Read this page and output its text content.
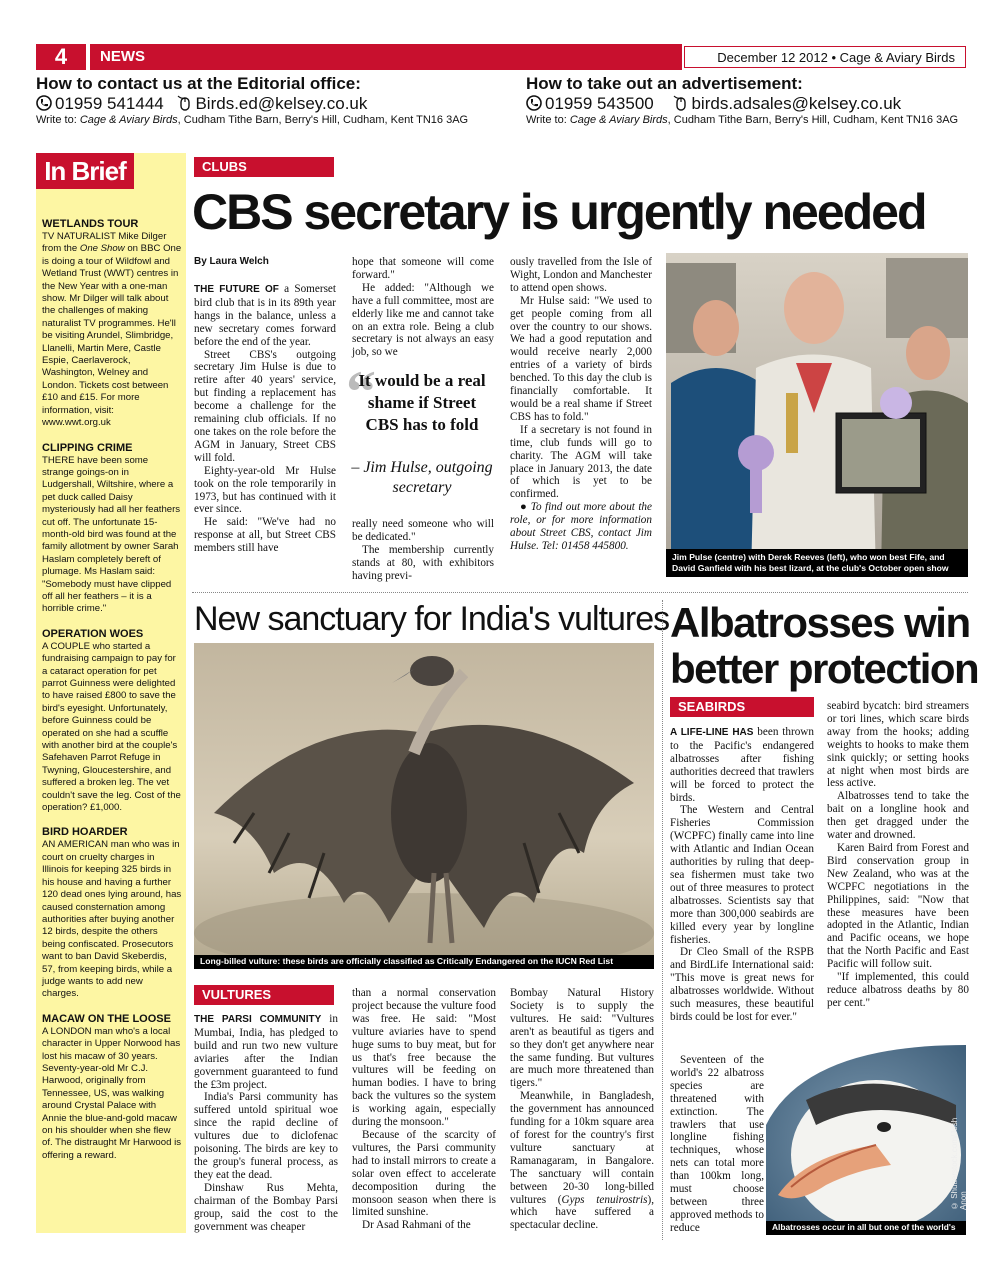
4	NEWS	December 12 2012 • Cage & Aviary Birds
How to contact us at the Editorial office:
01959 541444 Birds.ed@kelsey.co.uk
Write to: Cage & Aviary Birds, Cudham Tithe Barn, Berry's Hill, Cudham, Kent TN16 3AG
How to take out an advertisement:
01959 543500 birds.adsales@kelsey.co.uk
Write to: Cage & Aviary Birds, Cudham Tithe Barn, Berry's Hill, Cudham, Kent TN16 3AG
In Brief

WETLANDS TOUR

TV NATURALIST Mike Dilger from the One Show on BBC One is doing a tour of Wildfowl and Wetland Trust (WWT) centres in the New Year with a one-man show. Mr Dilger will talk about the challenges of making naturalist TV programmes. He'll be visiting Arundel, Slimbridge, Llanelli, Martin Mere, Castle Espie, Caerlaverock, Washington, Welney and London. Tickets cost between £10 and £15. For more information, visit: www.wwt.org.uk

CLIPPING CRIME

THERE have been some strange goings-on in Ludgershall, Wiltshire, where a pet duck called Daisy mysteriously had all her feathers cut off. The unfortunate 15-month-old bird was found at the family allotment by owner Sarah Haslam completely bereft of plumage. Ms Haslam said: "Somebody must have clipped off all her feathers – it is a horrible crime."

OPERATION WOES

A COUPLE who started a fundraising campaign to pay for a cataract operation for pet parrot Guinness were delighted to have raised £800 to save the bird's eyesight. Unfortunately, before Guinness could be operated on she had a scuffle with another bird at the couple's Safehaven Parrot Refuge in Twyning, Gloucestershire, and suffered a broken leg. The vet couldn't save the leg. Cost of the operation? £1,000.

BIRD HOARDER

AN AMERICAN man who was in court on cruelty charges in Illinois for keeping 325 birds in his house and having a further 120 dead ones lying around, has caused consternation among authorities after buying another 12 birds, despite the others being confiscated. Prosecutors want to ban David Skeberdis, 57, from keeping birds, while a judge wants to add new charges.

MACAW ON THE LOOSE

A LONDON man who's a local character in Upper Norwood has lost his macaw of 30 years. Seventy-year-old Mr C.J. Harwood, originally from Tennessee, US, was walking around Crystal Palace with Annie the blue-and-gold macaw on his shoulder when she flew of. The distraught Mr Harwood is offering a reward.

CLUBS
CBS secretary is urgently needed

By Laura Welch

THE FUTURE OF a Somerset bird club that is in its 89th year hangs in the balance, unless a new secretary comes forward before the end of the year.

Street CBS's outgoing secretary Jim Hulse is due to retire after 40 years' service, but finding a replacement has become a challenge for the remaining club officials. If no one takes on the role before the AGM in January, Street CBS will fold.

Eighty-year-old Mr Hulse took on the role temporarily in 1973, but has continued with it ever since.

He said: "We've had no response at all, but Street CBS members still have

hope that someone will come forward."

He added: "Although we have a full committee, most are elderly like me and cannot take on an extra role. Being a club secretary is not always an easy job, so we

“
It would be a real shame if Street CBS has to fold
– Jim Hulse, outgoing secretary

really need someone who will be dedicated."

The membership currently stands at 80, with exhibitors having previ-

ously travelled from the Isle of Wight, London and Manchester to attend open shows.

Mr Hulse said: "We used to get people coming from all over the country to our shows. We had a good reputation and would receive nearly 2,000 entries of a variety of birds benched. To this day the club is financially comfortable. It would be a real shame if Street CBS has to fold."

If a secretary is not found in time, club funds will go to charity. The AGM will take place in January 2013, the date of which is yet to be confirmed.

● To find out more about the role, or for more information about Street CBS, contact Jim Hulse. Tel: 01458 445800.

Jim Pulse (centre) with Derek Reeves (left), who won best Fife, and David Ganfield with his best lizard, at the club's October open show
New sanctuary for India's vultures
Long-billed vulture: these birds are officially classified as Critically Endangered on the IUCN Red List
VULTURES

THE PARSI COMMUNITY in Mumbai, India, has pledged to build and run two new vulture aviaries after the Indian government guaranteed to fund the £3m project.

India's Parsi community has suffered untold spiritual woe since the rapid decline of vultures due to diclofenac poisoning. The birds are key to the group's funeral process, as they eat the dead.

Dinshaw Rus Mehta, chairman of the Bombay Parsi group, said the cost to the government was cheaper

than a normal conservation project because the vulture food was free. He said: "Most vulture aviaries have to spend huge sums to buy meat, but for us that's free because the vultures will be feeding on human bodies. I have to bring back the vultures so the system is working again, especially during the monsoon."

Because of the scarcity of vultures, the Parsi community had to install mirrors to create a solar oven effect to accelerate decomposition during the monsoon season when there is limited sunshine.

Dr Asad Rahmani of the

Bombay Natural History Society is to supply the vultures. He said: "Vultures aren't as beautiful as tigers and so they don't get anywhere near the same funding. But vultures are much more threatened than tigers."

Meanwhile, in Bangladesh, the government has announced funding for a 10km square area of forest for the country's first vulture sanctuary at Ramanagaram, in Bangalore. The sanctuary will contain between 20-30 long-billed vultures (Gyps tenuirostris), which have suffered a spectacular decline.

Albatrosses win
better protection
SEABIRDS

A LIFE-LINE HAS been thrown to the Pacific's endangered albatrosses after fishing authorities decreed that trawlers will be forced to protect the birds.

The Western and Central Fisheries Commission (WCPFC) finally came into line with Atlantic and Indian Ocean authorities by ruling that deep-sea fishermen must take two out of three measures to protect albatrosses. Scientists say that more than 300,000 seabirds are killed every year by longline fisheries.

Dr Cleo Small of the RSPB and BirdLife International said: "This move is great news for albatrosses worldwide. Without such measures, these beautiful birds could be lost for ever."

Seventeen of the world's 22 albatross species are threatened with extinction. The trawlers that use longline fishing techniques, whose nets can total more than 100km long, must choose between three approved methods to reduce

seabird bycatch: bird streamers or tori lines, which scare birds away from the hooks; adding weights to hooks to make them sink quickly; or setting hooks at night when most birds are less active.

Albatrosses tend to take the bait on a longline hook and then get dragged under the water and drowned.

Karen Baird from Forest and Bird conservation group in New Zealand, who was at the WCPFC negotiations in the Philippines, said: "Now that these measures have been adopted in the Atlantic, Indian and Pacific oceans, we hope that the North Pacific and East Pacific will follow suit.

"If implemented, this could reduce albatross deaths by 80 per cent."

© Shutterstock.com/Josh Anon
Albatrosses occur in all but one of the world's oceans
